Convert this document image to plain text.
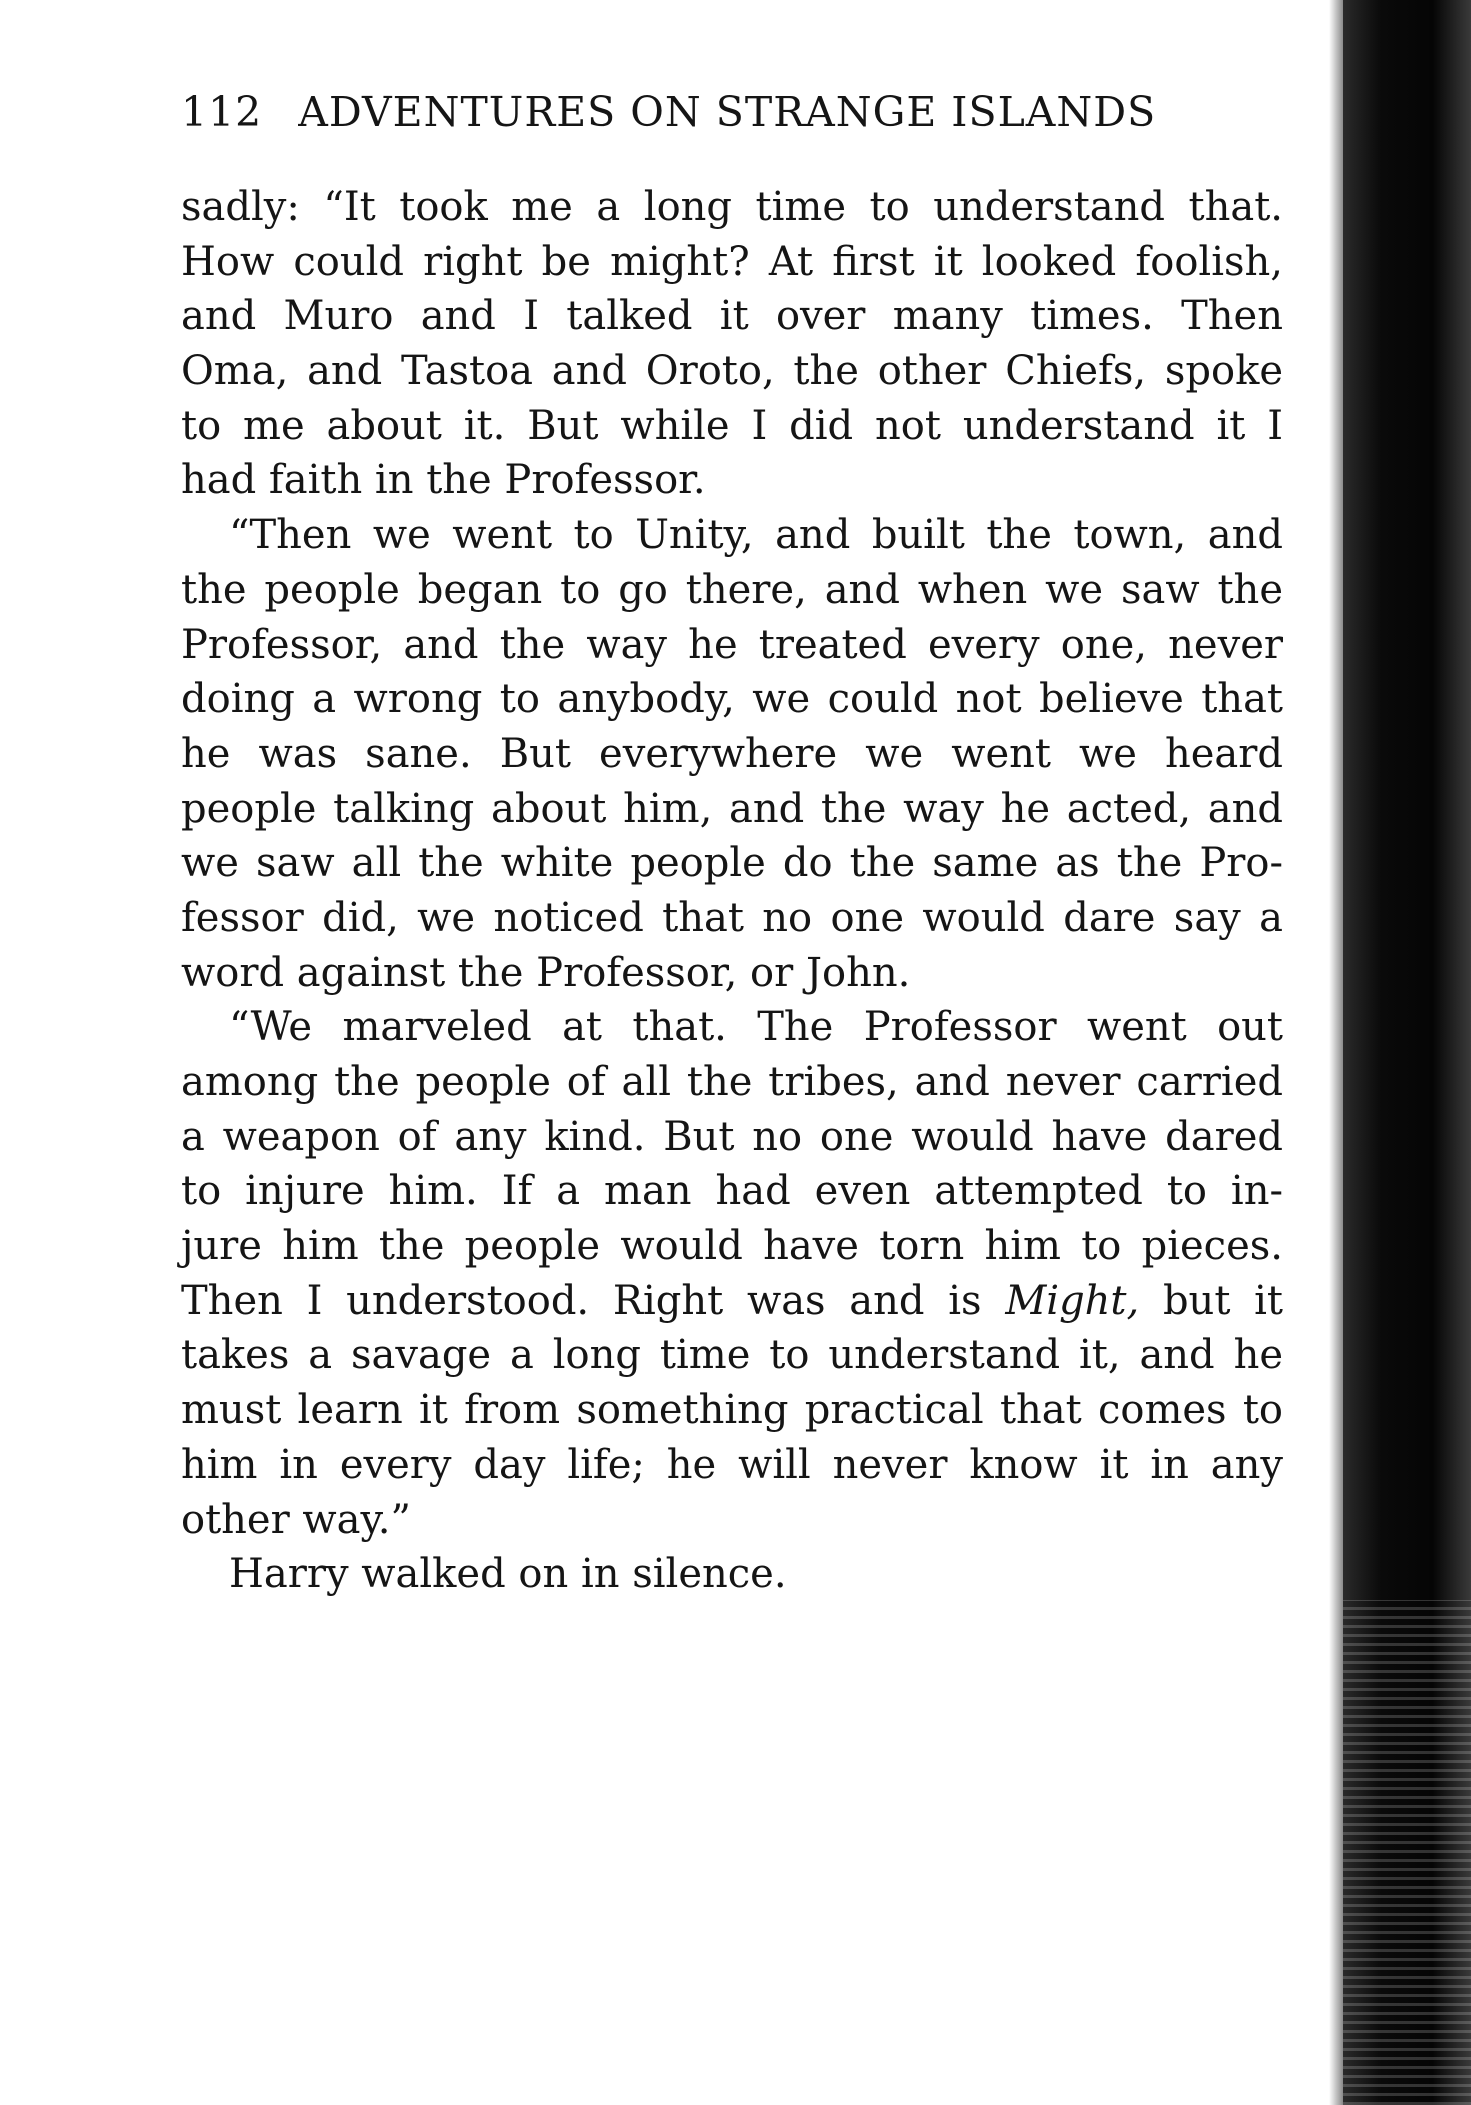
112 ADVENTURES ON STRANGE ISLANDS
sadly: “It took me a long time to understand that.
How could right be might? At first it looked foolish,
and Muro and I talked it over many times. Then
Oma, and Tastoa and Oroto, the other Chiefs, spoke
to me about it. But while I did not understand it I
had faith in the Professor.
“Then we went to Unity, and built the town, and
the people began to go there, and when we saw the
Professor, and the way he treated every one, never
doing a wrong to anybody, we could not believe that
he was sane. But everywhere we went we heard
people talking about him, and the way he acted, and
we saw all the white people do the same as the Pro-
fessor did, we noticed that no one would dare say a
word against the Professor, or John.
“We marveled at that. The Professor went out
among the people of all the tribes, and never carried
a weapon of any kind. But no one would have dared
to injure him. If a man had even attempted to in-
jure him the people would have torn him to pieces.
Then I understood. Right was and is Might, but it
takes a savage a long time to understand it, and he
must learn it from something practical that comes to
him in every day life; he will never know it in any
other way.”
Harry walked on in silence.
